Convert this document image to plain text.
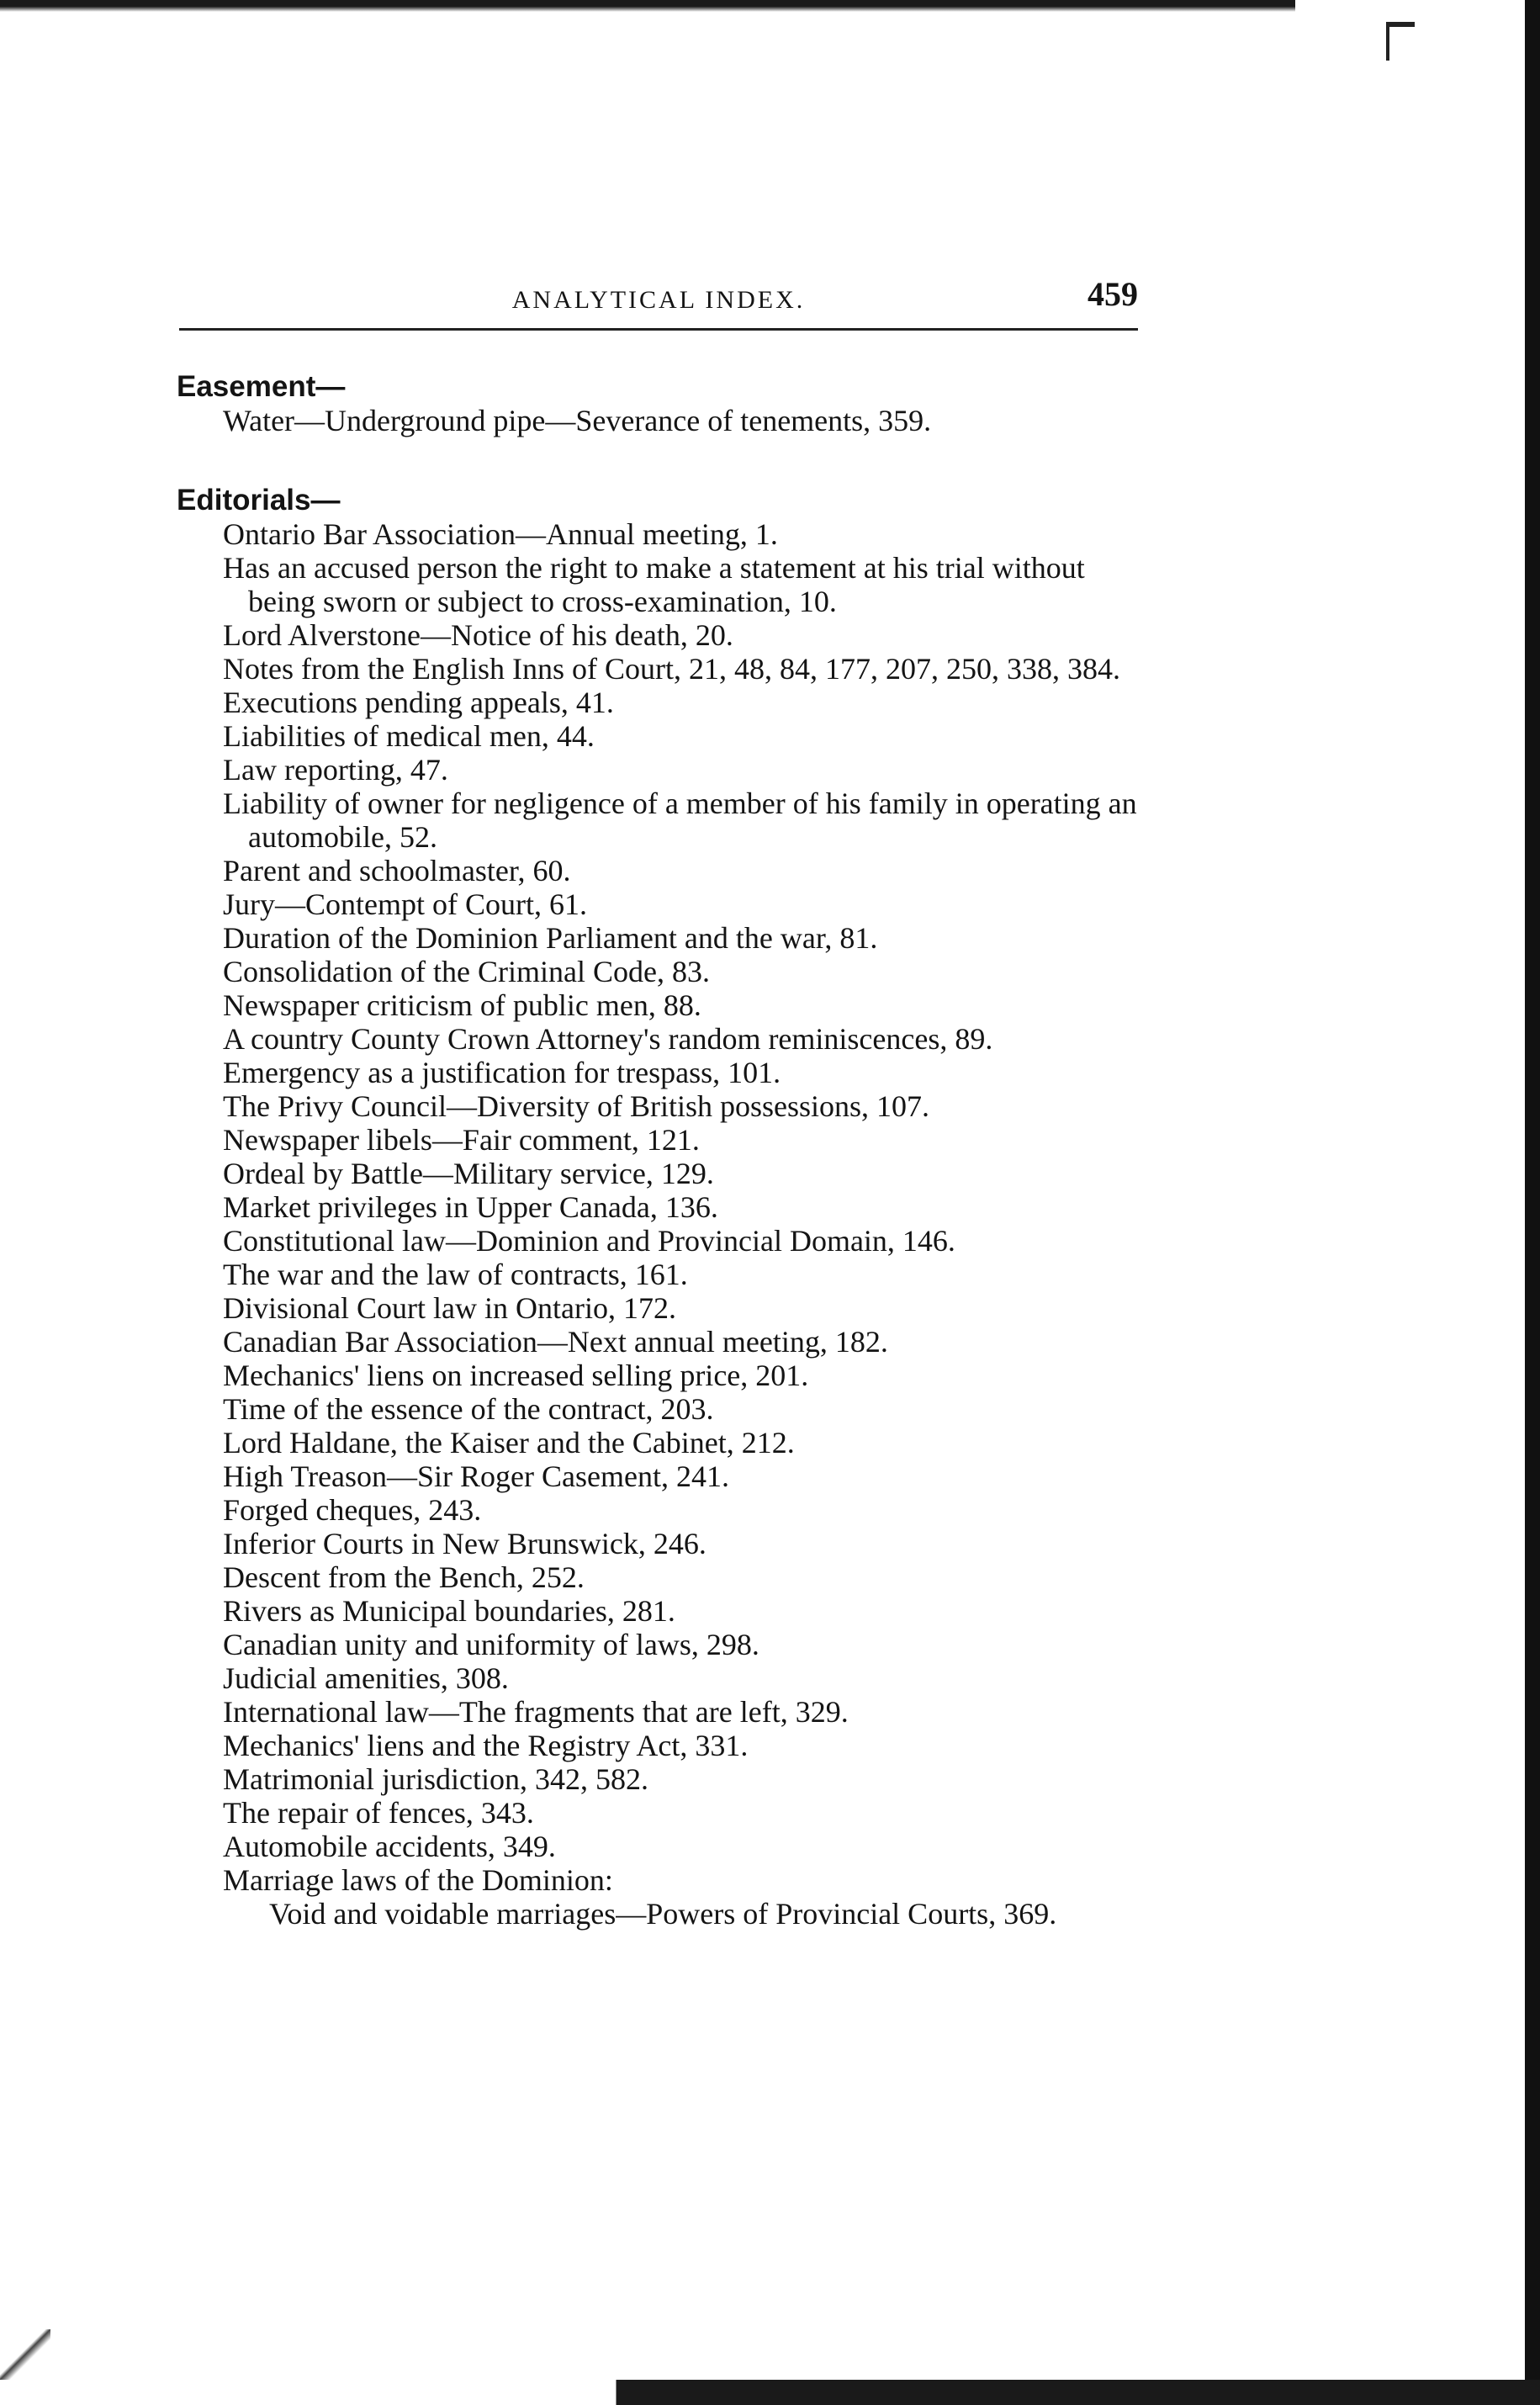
ANALYTICAL INDEX.	459
Easement—
Water—Underground pipe—Severance of tenements, 359.
Editorials—
Ontario Bar Association—Annual meeting, 1.
Has an accused person the right to make a statement at his trial without being sworn or subject to cross-examination, 10.
Lord Alverstone—Notice of his death, 20.
Notes from the English Inns of Court, 21, 48, 84, 177, 207, 250, 338, 384.
Executions pending appeals, 41.
Liabilities of medical men, 44.
Law reporting, 47.
Liability of owner for negligence of a member of his family in operating an automobile, 52.
Parent and schoolmaster, 60.
Jury—Contempt of Court, 61.
Duration of the Dominion Parliament and the war, 81.
Consolidation of the Criminal Code, 83.
Newspaper criticism of public men, 88.
A country County Crown Attorney's random reminiscences, 89.
Emergency as a justification for trespass, 101.
The Privy Council—Diversity of British possessions, 107.
Newspaper libels—Fair comment, 121.
Ordeal by Battle—Military service, 129.
Market privileges in Upper Canada, 136.
Constitutional law—Dominion and Provincial Domain, 146.
The war and the law of contracts, 161.
Divisional Court law in Ontario, 172.
Canadian Bar Association—Next annual meeting, 182.
Mechanics' liens on increased selling price, 201.
Time of the essence of the contract, 203.
Lord Haldane, the Kaiser and the Cabinet, 212.
High Treason—Sir Roger Casement, 241.
Forged cheques, 243.
Inferior Courts in New Brunswick, 246.
Descent from the Bench, 252.
Rivers as Municipal boundaries, 281.
Canadian unity and uniformity of laws, 298.
Judicial amenities, 308.
International law—The fragments that are left, 329.
Mechanics' liens and the Registry Act, 331.
Matrimonial jurisdiction, 342, 582.
The repair of fences, 343.
Automobile accidents, 349.
Marriage laws of the Dominion:
Void and voidable marriages—Powers of Provincial Courts, 369.
